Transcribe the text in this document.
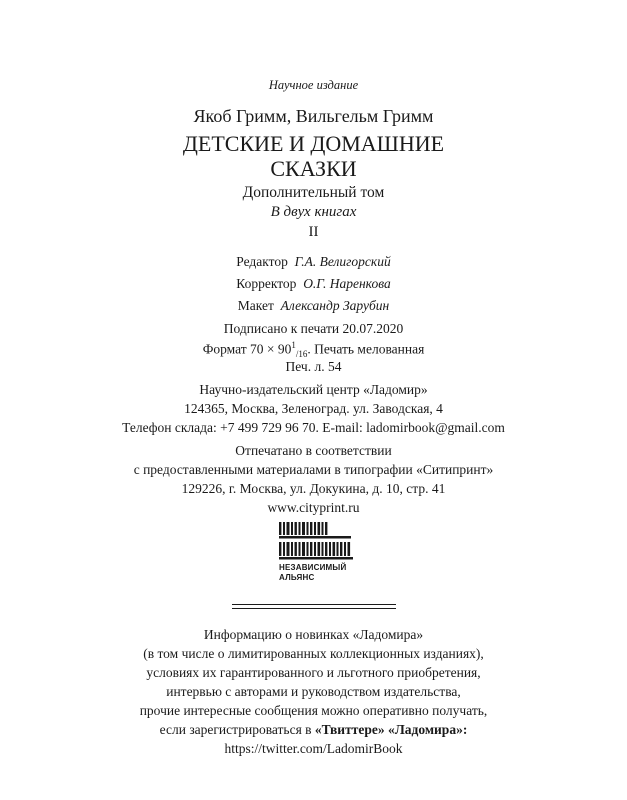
Научное издание
Якоб Гримм, Вильгельм Гримм
ДЕТСКИЕ И ДОМАШНИЕ
СКАЗКИ
Дополнительный том
В двух книгах
II
Редактор Г.А. Велигорский
Корректор О.Г. Наренкова
Макет Александр Зарубин
Подписано к печати 20.07.2020
Формат $70 \times 90^1_{/16}$. Печать мелованная
Печ. л. 54
Научно-издательский центр «Ладомир»
124365, Москва, Зеленоград. ул. Заводская, 4
Телефон склада: +7 499 729 96 70. E-mail: ladomirbook@gmail.com
Отпечатано в соответствии
с предоставленными материалами в типографии «Ситипринт»
129226, г. Москва, ул. Докукина, д. 10, стр. 41
www.cityprint.ru
НЕЗАВИСИМЫЙ
АЛЬЯНС
Информацию о новинках «Ладомира»
(в том числе о лимитированных коллекционных изданиях),
условиях их гарантированного и льготного приобретения,
интервью с авторами и руководством издательства,
прочие интересные сообщения можно оперативно получать,
если зарегистрироваться в «Твиттере» «Ладомира»:
https://twitter.com/LadomirBook
